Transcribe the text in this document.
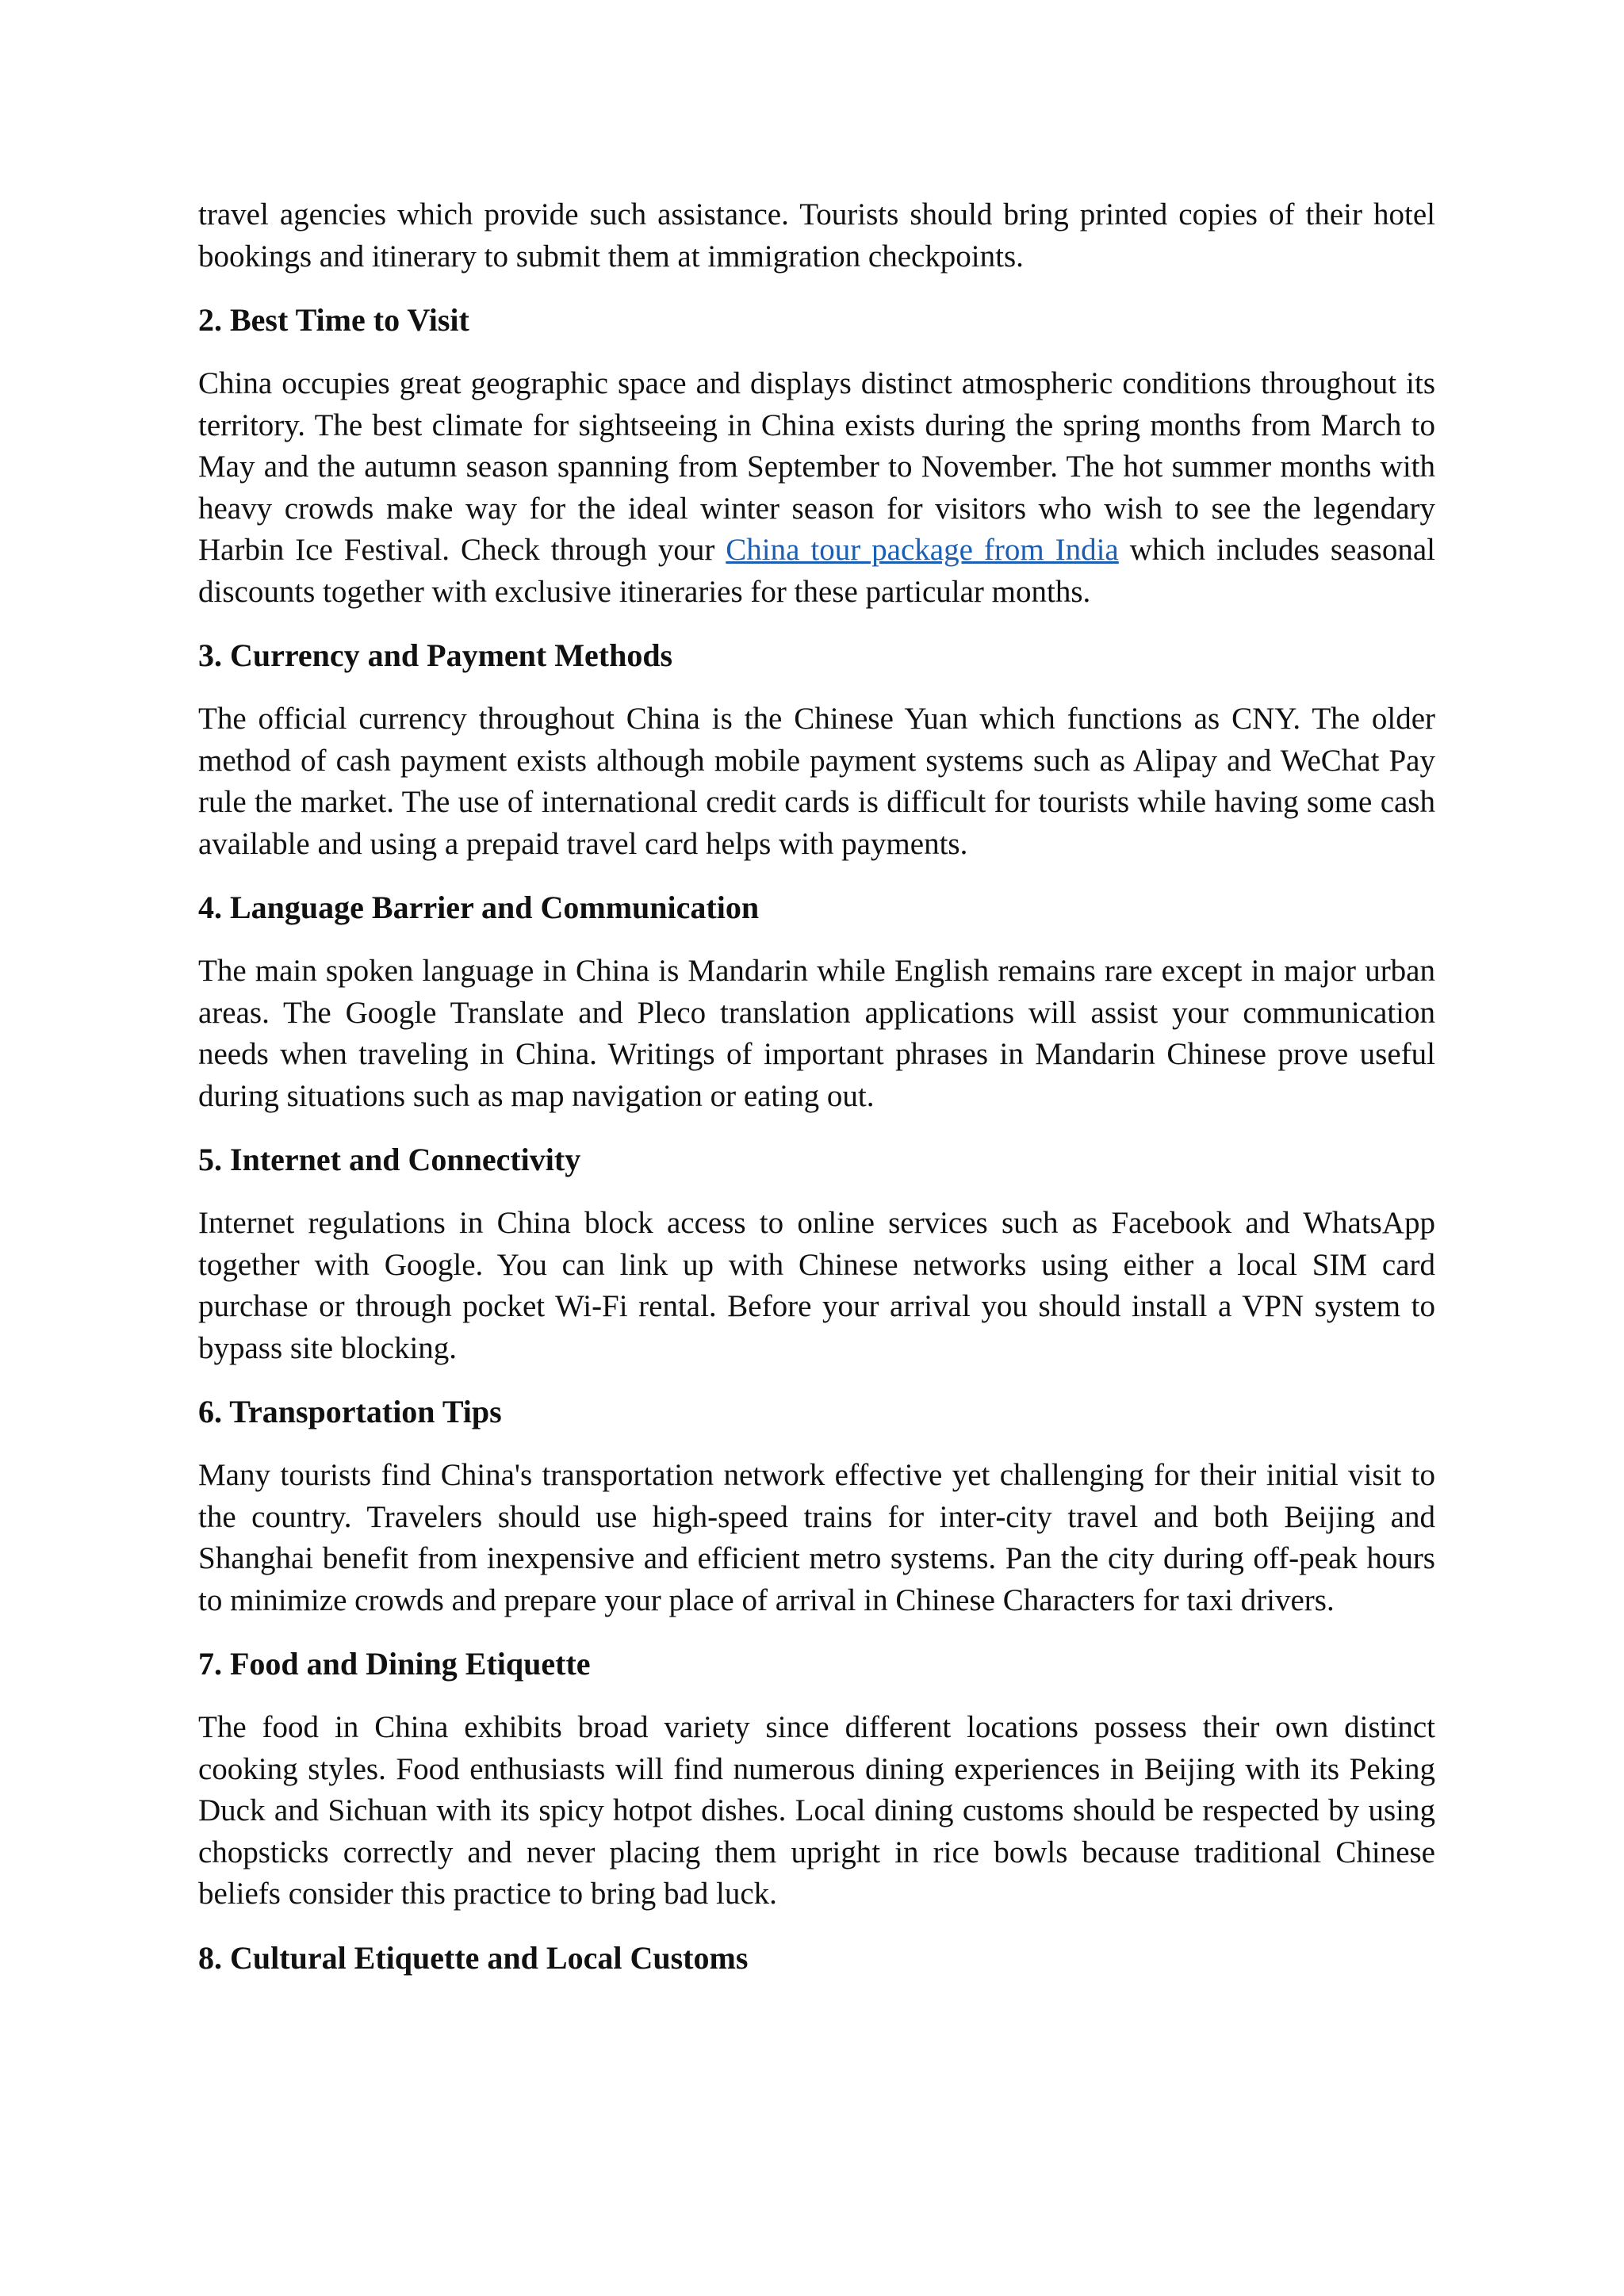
travel agencies which provide such assistance. Tourists should bring printed copies of their hotel bookings and itinerary to submit them at immigration checkpoints.

2. Best Time to Visit

China occupies great geographic space and displays distinct atmospheric conditions throughout its territory. The best climate for sightseeing in China exists during the spring months from March to May and the autumn season spanning from September to November. The hot summer months with heavy crowds make way for the ideal winter season for visitors who wish to see the legendary Harbin Ice Festival. Check through your China tour package from India which includes seasonal discounts together with exclusive itineraries for these particular months.

3. Currency and Payment Methods

The official currency throughout China is the Chinese Yuan which functions as CNY. The older method of cash payment exists although mobile payment systems such as Alipay and WeChat Pay rule the market. The use of international credit cards is difficult for tourists while having some cash available and using a prepaid travel card helps with payments.

4. Language Barrier and Communication

The main spoken language in China is Mandarin while English remains rare except in major urban areas. The Google Translate and Pleco translation applications will assist your communication needs when traveling in China. Writings of important phrases in Mandarin Chinese prove useful during situations such as map navigation or eating out.

5. Internet and Connectivity

Internet regulations in China block access to online services such as Facebook and WhatsApp together with Google. You can link up with Chinese networks using either a local SIM card purchase or through pocket Wi-Fi rental. Before your arrival you should install a VPN system to bypass site blocking.

6. Transportation Tips

Many tourists find China's transportation network effective yet challenging for their initial visit to the country. Travelers should use high-speed trains for inter-city travel and both Beijing and Shanghai benefit from inexpensive and efficient metro systems. Pan the city during off-peak hours to minimize crowds and prepare your place of arrival in Chinese Characters for taxi drivers.

7. Food and Dining Etiquette

The food in China exhibits broad variety since different locations possess their own distinct cooking styles. Food enthusiasts will find numerous dining experiences in Beijing with its Peking Duck and Sichuan with its spicy hotpot dishes. Local dining customs should be respected by using chopsticks correctly and never placing them upright in rice bowls because traditional Chinese beliefs consider this practice to bring bad luck.

8. Cultural Etiquette and Local Customs
